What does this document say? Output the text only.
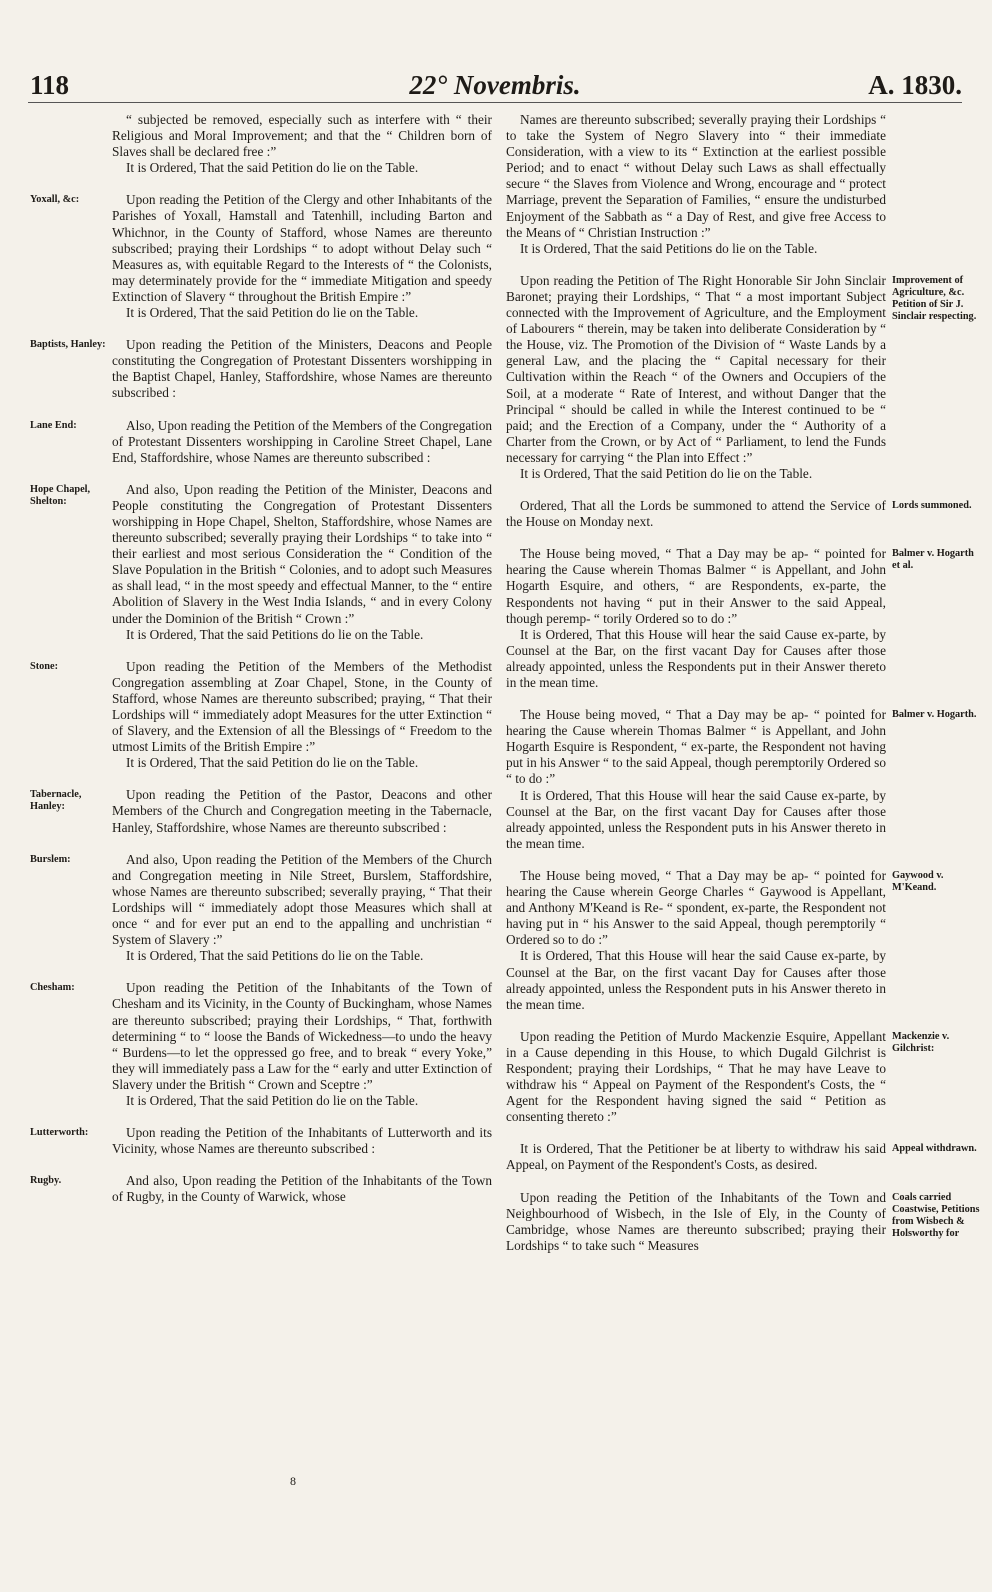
118	22° Novembris.	A. 1830.

“ subjected be removed, especially such as interfere with “ their Religious and Moral Improvement; and that the “ Children born of Slaves shall be declared free :”

It is Ordered, That the said Petition do lie on the Table.

Yoxall, &c:	Upon reading the Petition of the Clergy and other Inhabitants of the Parishes of Yoxall, Hamstall and Tatenhill, including Barton and Whichnor, in the County of Stafford, whose Names are thereunto subscribed; praying their Lordships “ to adopt without Delay such “ Measures as, with equitable Regard to the Interests of “ the Colonists, may determinately provide for the “ immediate Mitigation and speedy Extinction of Slavery “ throughout the British Empire :”

It is Ordered, That the said Petition do lie on the Table.

Baptists, Hanley:	Upon reading the Petition of the Ministers, Deacons and People constituting the Congregation of Protestant Dissenters worshipping in the Baptist Chapel, Hanley, Staffordshire, whose Names are thereunto subscribed :

Lane End:	Also, Upon reading the Petition of the Members of the Congregation of Protestant Dissenters worshipping in Caroline Street Chapel, Lane End, Staffordshire, whose Names are thereunto subscribed :

Hope Chapel, Shelton:

And also, Upon reading the Petition of the Minister, Deacons and People constituting the Congregation of Protestant Dissenters worshipping in Hope Chapel, Shelton, Staffordshire, whose Names are thereunto subscribed; severally praying their Lordships “ to take into “ their earliest and most serious Consideration the “ Condition of the Slave Population in the British “ Colonies, and to adopt such Measures as shall lead, “ in the most speedy and effectual Manner, to the “ entire Abolition of Slavery in the West India Islands, “ and in every Colony under the Dominion of the British “ Crown :”

It is Ordered, That the said Petitions do lie on the Table.

Stone:	Upon reading the Petition of the Members of the Methodist Congregation assembling at Zoar Chapel, Stone, in the County of Stafford, whose Names are thereunto subscribed; praying, “ That their Lordships will “ immediately adopt Measures for the utter Extinction “ of Slavery, and the Extension of all the Blessings of “ Freedom to the utmost Limits of the British Empire :”

It is Ordered, That the said Petition do lie on the Table.

Tabernacle, Hanley:

Upon reading the Petition of the Pastor, Deacons and other Members of the Church and Congregation meeting in the Tabernacle, Hanley, Staffordshire, whose Names are thereunto subscribed :

Burslem:	And also, Upon reading the Petition of the Members of the Church and Congregation meeting in Nile Street, Burslem, Staffordshire, whose Names are thereunto subscribed; severally praying, “ That their Lordships will “ immediately adopt those Measures which shall at once “ and for ever put an end to the appalling and unchristian “ System of Slavery :”

It is Ordered, That the said Petitions do lie on the Table.

Chesham:	Upon reading the Petition of the Inhabitants of the Town of Chesham and its Vicinity, in the County of Buckingham, whose Names are thereunto subscribed; praying their Lordships, “ That, forthwith determining “ to “ loose the Bands of Wickedness—to undo the heavy “ Burdens—to let the oppressed go free, and to break “ every Yoke,” they will immediately pass a Law for the “ early and utter Extinction of Slavery under the British “ Crown and Sceptre :”

It is Ordered, That the said Petition do lie on the Table.

Lutterworth:	Upon reading the Petition of the Inhabitants of Lutterworth and its Vicinity, whose Names are thereunto subscribed :

Rugby.	And also, Upon reading the Petition of the Inhabitants of the Town of Rugby, in the County of Warwick, whose

Names are thereunto subscribed; severally praying their Lordships “ to take the System of Negro Slavery into “ their immediate Consideration, with a view to its “ Extinction at the earliest possible Period; and to enact “ without Delay such Laws as shall effectually secure “ the Slaves from Violence and Wrong, encourage and “ protect Marriage, prevent the Separation of Families, “ ensure the undisturbed Enjoyment of the Sabbath as “ a Day of Rest, and give free Access to the Means of “ Christian Instruction :”

It is Ordered, That the said Petitions do lie on the Table.

Improvement of Agriculture, &c. Petition of Sir J. Sinclair respecting.

Upon reading the Petition of The Right Honorable Sir John Sinclair Baronet; praying their Lordships, “ That “ a most important Subject connected with the Improvement of Agriculture, and the Employment of Labourers “ therein, may be taken into deliberate Consideration by “ the House, viz. The Promotion of the Division of “ Waste Lands by a general Law, and the placing the “ Capital necessary for their Cultivation within the Reach “ of the Owners and Occupiers of the Soil, at a moderate “ Rate of Interest, and without Danger that the Principal “ should be called in while the Interest continued to be “ paid; and the Erection of a Company, under the “ Authority of a Charter from the Crown, or by Act of “ Parliament, to lend the Funds necessary for carrying “ the Plan into Effect :”

It is Ordered, That the said Petition do lie on the Table.

Lords summoned.

Ordered, That all the Lords be summoned to attend the Service of the House on Monday next.

Balmer v. Hogarth et al.

The House being moved, “ That a Day may be ap- “ pointed for hearing the Cause wherein Thomas Balmer “ is Appellant, and John Hogarth Esquire, and others, “ are Respondents, ex-parte, the Respondents not having “ put in their Answer to the said Appeal, though peremp- “ torily Ordered so to do :”

It is Ordered, That this House will hear the said Cause ex-parte, by Counsel at the Bar, on the first vacant Day for Causes after those already appointed, unless the Respondents put in their Answer thereto in the mean time.

Balmer v. Hogarth.

The House being moved, “ That a Day may be ap- “ pointed for hearing the Cause wherein Thomas Balmer “ is Appellant, and John Hogarth Esquire is Respondent, “ ex-parte, the Respondent not having put in his Answer “ to the said Appeal, though peremptorily Ordered so “ to do :”

It is Ordered, That this House will hear the said Cause ex-parte, by Counsel at the Bar, on the first vacant Day for Causes after those already appointed, unless the Respondent puts in his Answer thereto in the mean time.

Gaywood v. M'Keand.

The House being moved, “ That a Day may be ap- “ pointed for hearing the Cause wherein George Charles “ Gaywood is Appellant, and Anthony M'Keand is Re- “ spondent, ex-parte, the Respondent not having put in “ his Answer to the said Appeal, though peremptorily “ Ordered so to do :”

It is Ordered, That this House will hear the said Cause ex-parte, by Counsel at the Bar, on the first vacant Day for Causes after those already appointed, unless the Respondent puts in his Answer thereto in the mean time.

Mackenzie v. Gilchrist:

Upon reading the Petition of Murdo Mackenzie Esquire, Appellant in a Cause depending in this House, to which Dugald Gilchrist is Respondent; praying their Lordships, “ That he may have Leave to withdraw his “ Appeal on Payment of the Respondent's Costs, the “ Agent for the Respondent having signed the said “ Petition as consenting thereto :”

Appeal withdrawn.

It is Ordered, That the Petitioner be at liberty to withdraw his said Appeal, on Payment of the Respondent's Costs, as desired.

Coals carried Coastwise, Petitions from Wisbech & Holsworthy for

Upon reading the Petition of the Inhabitants of the Town and Neighbourhood of Wisbech, in the Isle of Ely, in the County of Cambridge, whose Names are thereunto subscribed; praying their Lordships “ to take such “ Measures

8
